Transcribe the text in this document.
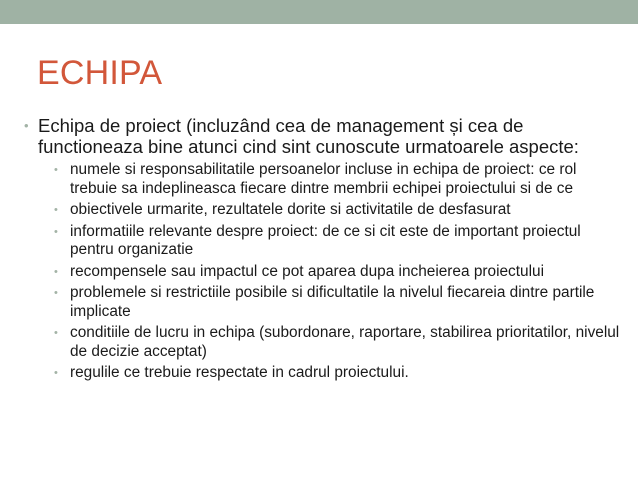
ECHIPA
• Echipa de proiect (incluzând cea de management și cea de functioneaza bine atunci cind sint cunoscute urmatoarele aspecte:
• numele si responsabilitatile persoanelor incluse in echipa de proiect: ce rol trebuie sa indeplineasca fiecare dintre membrii echipei proiectului si de ce
• obiectivele urmarite, rezultatele dorite si activitatile de desfasurat
• informatiile relevante despre proiect: de ce si cit este de important proiectul pentru organizatie
• recompensele sau impactul ce pot aparea dupa incheierea proiectului
• problemele si restrictiile posibile si dificultatile la nivelul fiecareia dintre partile implicate
• conditiile de lucru in echipa (subordonare, raportare, stabilirea prioritatilor, nivelul de decizie acceptat)
• regulile ce trebuie respectate in cadrul proiectului.
